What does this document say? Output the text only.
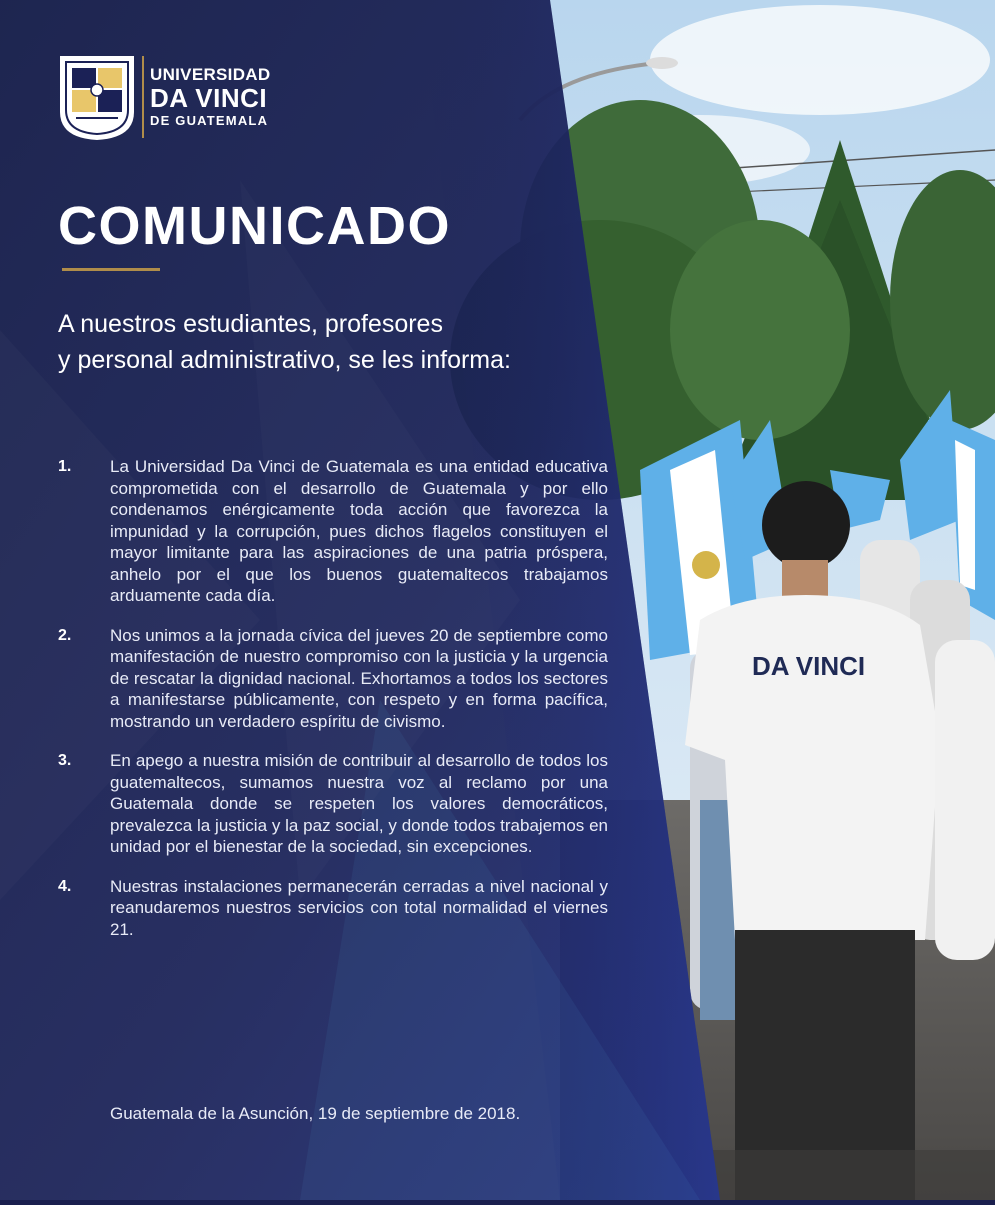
DA VINCI
UNIVERSIDAD
DA VINCI
DE GUATEMALA
COMUNICADO
A nuestros estudiantes, profesores
y personal administrativo, se les informa:
1.	La Universidad Da Vinci de Guatemala es una entidad educativa comprometida con el desarrollo de Guatemala y por ello condenamos enérgicamente toda acción que favorezca la impunidad y la corrupción, pues dichos flagelos constituyen el mayor limitante para las aspiraciones de una patria próspera, anhelo por el que los buenos guatemaltecos trabajamos arduamente cada día.
2.	Nos unimos a la jornada cívica del jueves 20 de septiembre como manifestación de nuestro compromiso con la justicia y la urgencia de rescatar la dignidad nacional. Exhortamos a todos los sectores a manifestarse públicamente, con respeto y en forma pacífica, mostrando un verdadero espíritu de civismo.
3.	En apego a nuestra misión de contribuir al desarrollo de todos los guatemaltecos, sumamos nuestra voz al reclamo por una Guatemala donde se respeten los valores democráticos, prevalezca la justicia y la paz social, y donde todos trabajemos en unidad por el bienestar de la sociedad, sin excepciones.
4.	Nuestras instalaciones permanecerán cerradas a nivel nacional y reanudaremos nuestros servicios con total normalidad el viernes 21.
Guatemala de la Asunción, 19 de septiembre de 2018.
